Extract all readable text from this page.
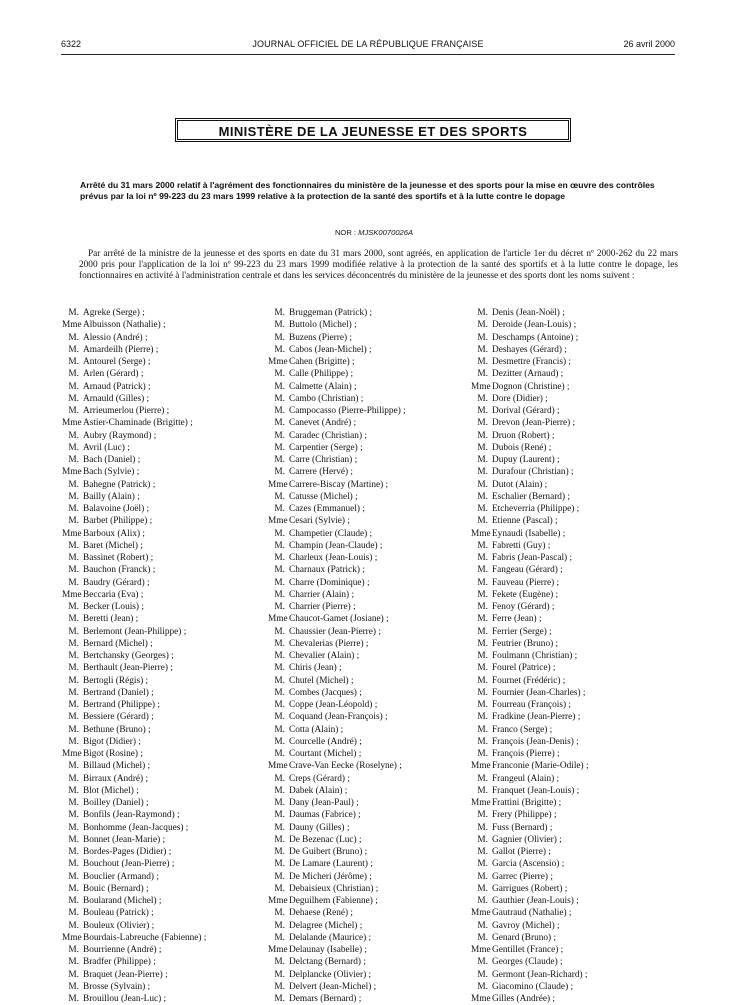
6322	JOURNAL OFFICIEL DE LA RÉPUBLIQUE FRANÇAISE	26 avril 2000
MINISTÈRE DE LA JEUNESSE ET DES SPORTS

Arrêté du 31 mars 2000 relatif à l'agrément des fonctionnaires du ministère de la jeunesse et des sports pour la mise en œuvre des contrôles prévus par la loi nº 99-223 du 23 mars 1999 relative à la protection de la santé des sportifs et à la lutte contre le dopage

NOR : MJSK0070026A

Par arrêté de la ministre de la jeunesse et des sports en date du 31 mars 2000, sont agréés, en application de l'article 1er du décret nº 2000-262 du 22 mars 2000 pris pour l'application de la loi nº 99-223 du 23 mars 1999 modifiée relative à la protection de la santé des sportifs et à la lutte contre le dopage, les fonctionnaires en activité à l'administration centrale et dans les services déconcentrés du ministère de la jeunesse et des sports dont les noms suivent :

M. Agreke (Serge) ;
Mme Albuisson (Nathalie) ;
M. Alessio (André) ;
M. Amardeilh (Pierre) ;
M. Antourel (Serge) ;
M. Arlen (Gérard) ;
M. Arnaud (Patrick) ;
M. Arnauld (Gilles) ;
M. Arrieumerlou (Pierre) ;
Mme Astier-Chaminade (Brigitte) ;
M. Aubry (Raymond) ;
M. Avril (Luc) ;
M. Bach (Daniel) ;
Mme Bach (Sylvie) ;
M. Bahegne (Patrick) ;
M. Bailly (Alain) ;
M. Balavoine (Joël) ;
M. Barbet (Philippe) ;
Mme Barboux (Alix) ;
M. Baret (Michel) ;
M. Bassinet (Robert) ;
M. Bauchon (Franck) ;
M. Baudry (Gérard) ;
Mme Beccaria (Eva) ;
M. Becker (Louis) ;
M. Beretti (Jean) ;
M. Berlemont (Jean-Philippe) ;
M. Bernard (Michel) ;
M. Bertchansky (Georges) ;
M. Berthault (Jean-Pierre) ;
M. Bertogli (Régis) ;
M. Bertrand (Daniel) ;
M. Bertrand (Philippe) ;
M. Bessiere (Gérard) ;
M. Bethune (Bruno) ;
M. Bigot (Didier) ;
Mme Bigot (Rosine) ;
M. Billaud (Michel) ;
M. Birraux (André) ;
M. Blot (Michel) ;
M. Boilley (Daniel) ;
M. Bonfils (Jean-Raymond) ;
M. Bonhomme (Jean-Jacques) ;
M. Bonnet (Jean-Marie) ;
M. Bordes-Pages (Didier) ;
M. Bouchout (Jean-Pierre) ;
M. Bouclier (Armand) ;
M. Bouic (Bernard) ;
M. Boularand (Michel) ;
M. Bouleau (Patrick) ;
M. Bouleux (Olivier) ;
Mme Bourdais-Labreuche (Fabienne) ;
M. Bourrienne (André) ;
M. Bradfer (Philippe) ;
M. Braquet (Jean-Pierre) ;
M. Brosse (Sylvain) ;
M. Brouillou (Jean-Luc) ;
M. Bruggeman (Patrick) ;
M. Buttolo (Michel) ;
M. Buzens (Pierre) ;
M. Cabos (Jean-Michel) ;
Mme Cahen (Brigitte) ;
M. Calle (Philippe) ;
M. Calmette (Alain) ;
M. Cambo (Christian) ;
M. Campocasso (Pierre-Philippe) ;
M. Canevet (André) ;
M. Caradec (Christian) ;
M. Carpentier (Serge) ;
M. Carre (Christian) ;
M. Carrere (Hervé) ;
Mme Carrere-Biscay (Martine) ;
M. Catusse (Michel) ;
M. Cazes (Emmanuel) ;
Mme Cesari (Sylvie) ;
M. Champetier (Claude) ;
M. Champin (Jean-Claude) ;
M. Charleux (Jean-Louis) ;
M. Charnaux (Patrick) ;
M. Charre (Dominique) ;
M. Charrier (Alain) ;
M. Charrier (Pierre) ;
Mme Chaucot-Gamet (Josiane) ;
M. Chaussier (Jean-Pierre) ;
M. Chevalerias (Pierre) ;
M. Chevalier (Alain) ;
M. Chiris (Jean) ;
M. Chutel (Michel) ;
M. Combes (Jacques) ;
M. Coppe (Jean-Léopold) ;
M. Coquand (Jean-François) ;
M. Cotta (Alain) ;
M. Courcelle (André) ;
M. Courtant (Michel) ;
Mme Crave-Van Eecke (Roselyne) ;
M. Creps (Gérard) ;
M. Dabek (Alain) ;
M. Dany (Jean-Paul) ;
M. Daumas (Fabrice) ;
M. Dauny (Gilles) ;
M. De Bezenac (Luc) ;
M. De Guibert (Bruno) ;
M. De Lamare (Laurent) ;
M. De Micheri (Jérôme) ;
M. Debaisieux (Christian) ;
Mme Deguilhem (Fabienne) ;
M. Dehaese (René) ;
M. Delagree (Michel) ;
M. Delalande (Maurice) ;
Mme Delaunay (Isabelle) ;
M. Delctang (Bernard) ;
M. Delplancke (Olivier) ;
M. Delvert (Jean-Michel) ;
M. Demars (Bernard) ;
M. Denis (Jean-Noël) ;
M. Deroide (Jean-Louis) ;
M. Deschamps (Antoine) ;
M. Deshayes (Gérard) ;
M. Desmettre (Francis) ;
M. Dezitter (Arnaud) ;
Mme Dognon (Christine) ;
M. Dore (Didier) ;
M. Dorival (Gérard) ;
M. Drevon (Jean-Pierre) ;
M. Druon (Robert) ;
M. Dubois (René) ;
M. Dupuy (Laurent) ;
M. Durafour (Christian) ;
M. Dutot (Alain) ;
M. Eschalier (Bernard) ;
M. Etcheverria (Philippe) ;
M. Etienne (Pascal) ;
Mme Eynaudi (Isabelle) ;
M. Fabretti (Guy) ;
M. Fabris (Jean-Pascal) ;
M. Fangeau (Gérard) ;
M. Fauveau (Pierre) ;
M. Fekete (Eugène) ;
M. Fenoy (Gérard) ;
M. Ferre (Jean) ;
M. Ferrier (Serge) ;
M. Feutrier (Bruno) ;
M. Foulmann (Christian) ;
M. Fourel (Patrice) ;
M. Fournet (Frédéric) ;
M. Fournier (Jean-Charles) ;
M. Fourreau (François) ;
M. Fradkine (Jean-Pierre) ;
M. Franco (Serge) ;
M. François (Jean-Denis) ;
M. François (Pierre) ;
Mme Franconie (Marie-Odile) ;
M. Frangeul (Alain) ;
M. Franquet (Jean-Louis) ;
Mme Frattini (Brigitte) ;
M. Frery (Philippe) ;
M. Fuss (Bernard) ;
M. Gagnier (Olivier) ;
M. Gallot (Pierre) ;
M. Garcia (Ascensio) ;
M. Garrec (Pierre) ;
M. Garrigues (Robert) ;
M. Gauthier (Jean-Louis) ;
Mme Gautraud (Nathalie) ;
M. Gavroy (Michel) ;
M. Genard (Bruno) ;
Mme Gentillet (France) ;
M. Georges (Claude) ;
M. Germont (Jean-Richard) ;
M. Giacomino (Claude) ;
Mme Gilles (Andrée) ;
